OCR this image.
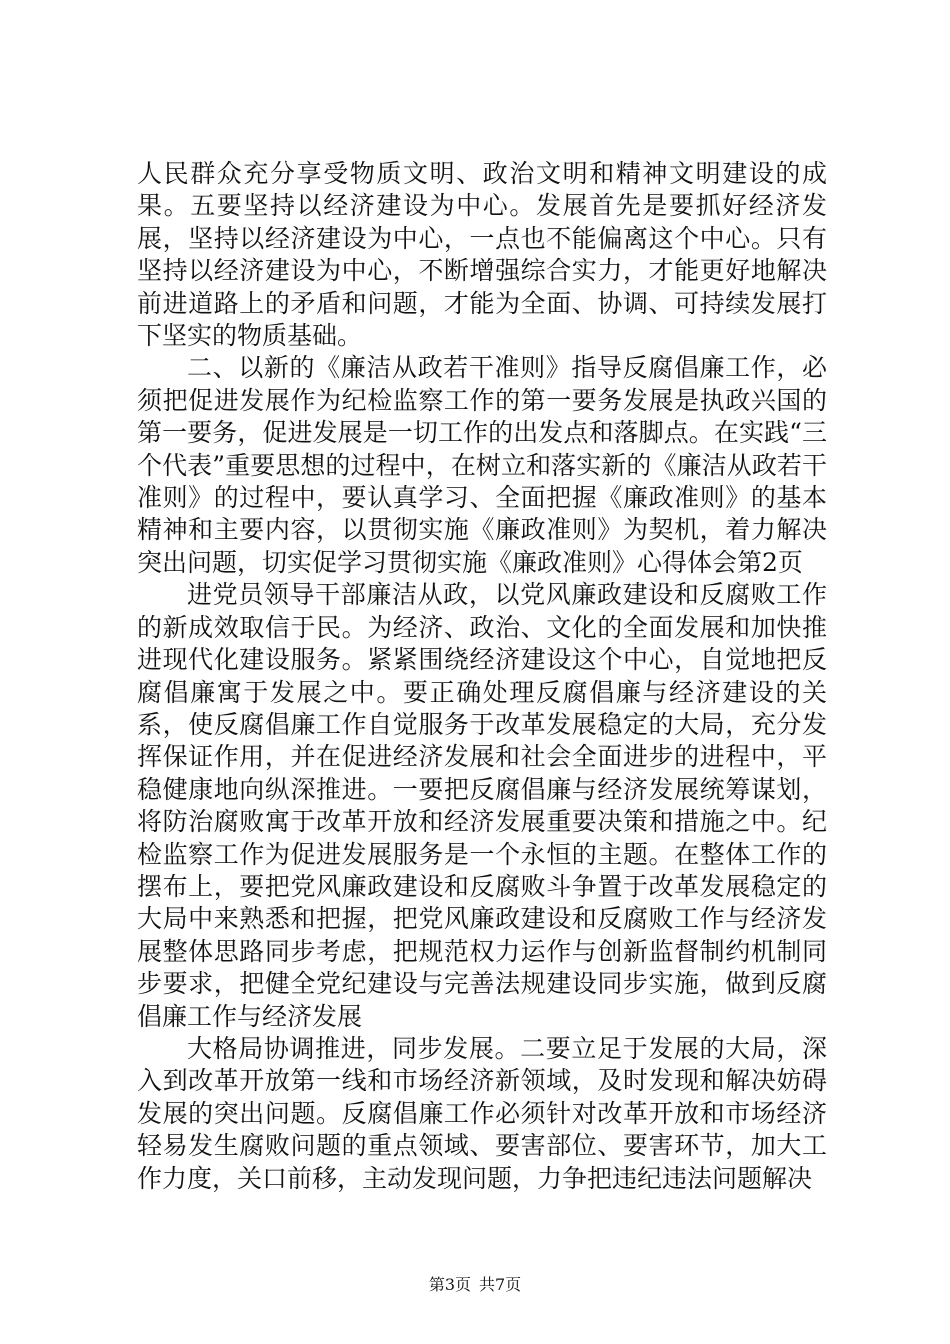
人民群众充分享受物质文明、政治文明和精神文明建设的成果。五要坚持以经济建设为中心。发展首先是要抓好经济发展，坚持以经济建设为中心，一点也不能偏离这个中心。只有坚持以经济建设为中心，不断增强综合实力，才能更好地解决前进道路上的矛盾和问题，才能为全面、协调、可持续发展打下坚实的物质基础。

二、以新的《廉洁从政若干准则》指导反腐倡廉工作，必须把促进发展作为纪检监察工作的第一要务发展是执政兴国的第一要务，促进发展是一切工作的出发点和落脚点。在实践“三个代表”重要思想的过程中，在树立和落实新的《廉洁从政若干准则》的过程中，要认真学习、全面把握《廉政准则》的基本精神和主要内容，以贯彻实施《廉政准则》为契机，着力解决突出问题，切实促学习贯彻实施《廉政准则》心得体会第2页

进党员领导干部廉洁从政，以党风廉政建设和反腐败工作的新成效取信于民。为经济、政治、文化的全面发展和加快推进现代化建设服务。紧紧围绕经济建设这个中心，自觉地把反腐倡廉寓于发展之中。要正确处理反腐倡廉与经济建设的关系，使反腐倡廉工作自觉服务于改革发展稳定的大局，充分发挥保证作用，并在促进经济发展和社会全面进步的进程中，平稳健康地向纵深推进。一要把反腐倡廉与经济发展统筹谋划，将防治腐败寓于改革开放和经济发展重要决策和措施之中。纪检监察工作为促进发展服务是一个永恒的主题。在整体工作的摆布上，要把党风廉政建设和反腐败斗争置于改革发展稳定的大局中来熟悉和把握，把党风廉政建设和反腐败工作与经济发展整体思路同步考虑，把规范权力运作与创新监督制约机制同步要求，把健全党纪建设与完善法规建设同步实施，做到反腐倡廉工作与经济发展

大格局协调推进，同步发展。二要立足于发展的大局，深入到改革开放第一线和市场经济新领域，及时发现和解决妨碍发展的突出问题。反腐倡廉工作必须针对改革开放和市场经济轻易发生腐败问题的重点领域、要害部位、要害环节，加大工作力度，关口前移，主动发现问题，力争把违纪违法问题解决

第3页 共7页
